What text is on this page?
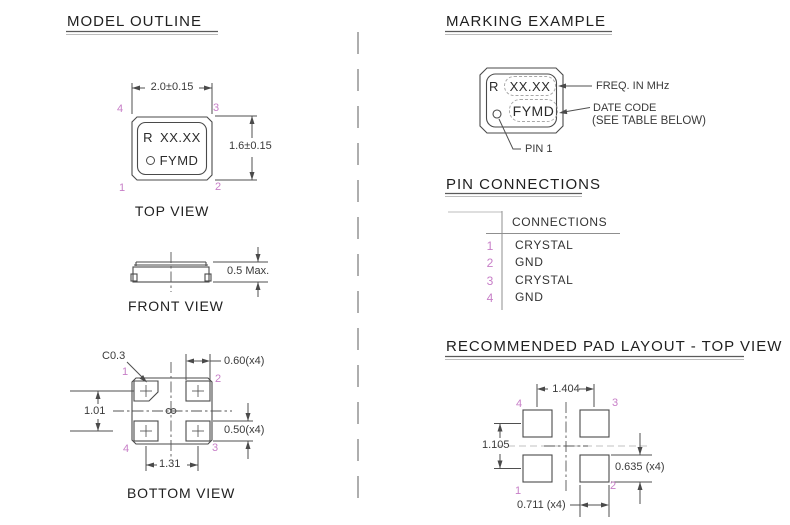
MODEL OUTLINE
2.0±0.15
4	3
R XX.XX
FYMD
1.6±0.15
1	2
TOP VIEW
0.5 Max.
FRONT VIEW
C0.3	0.60(x4)
1
2
1.01
0.50(x4)
4	3
1.31
BOTTOM VIEW
MARKING EXAMPLE
R XX.XX
FYMD
FREQ. IN MHz
DATE CODE
(SEE TABLE BELOW)
PIN 1
PIN CONNECTIONS
CONNECTIONS
1 CRYSTAL
2 GND
3 CRYSTAL
4 GND
RECOMMENDED PAD LAYOUT - TOP VIEW
1.404
4	3
1.105
0.635 (x4)
1	2
0.711 (x4)
